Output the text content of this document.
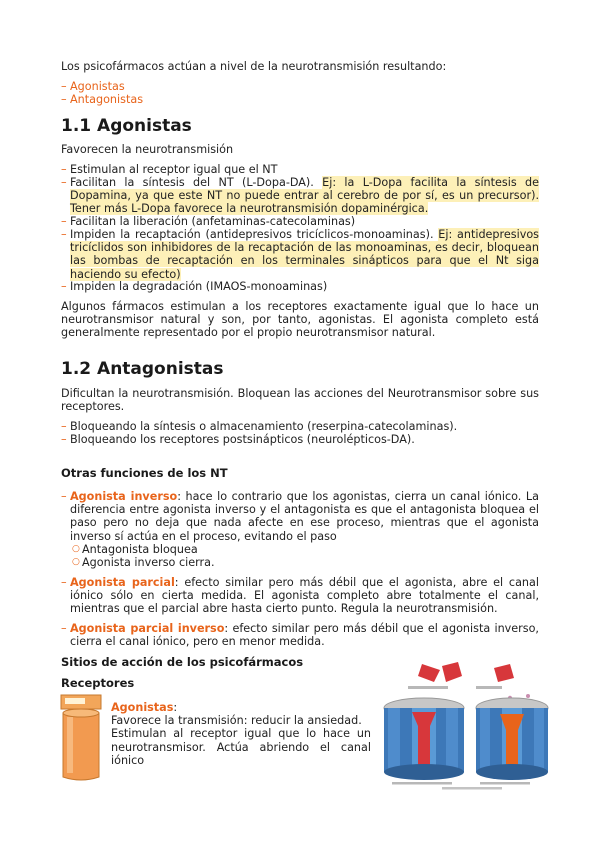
Los psicofármacos actúan a nivel de la neurotransmisión resultando:

– Agonistas
– Antagonistas
1.1 Agonistas

Favorecen la neurotransmisión

– Estimulan al receptor igual que el NT
– Facilitan la síntesis del NT (L-Dopa-DA). Ej: la L-Dopa facilita la síntesis de Dopamina, ya que este NT no puede entrar al cerebro de por sí, es un precursor). Tener más L-Dopa favorece la neurotransmisión dopaminérgica.
– Facilitan la liberación (anfetaminas-catecolaminas)
– Impiden la recaptación (antidepresivos tricíclicos-monoaminas). Ej: antidepresivos tricíclidos son inhibidores de la recaptación de las monoaminas, es decir, bloquean las bombas de recaptación en los terminales sinápticos para que el Nt siga haciendo su efecto)
– Impiden la degradación (IMAOS-monoaminas)

Algunos fármacos estimulan a los receptores exactamente igual que lo hace un neurotransmisor natural y son, por tanto, agonistas. El agonista completo está generalmente representado por el propio neurotransmisor natural.

1.2 Antagonistas

Dificultan la neurotransmisión. Bloquean las acciones del Neurotransmisor sobre sus receptores.

– Bloqueando la síntesis o almacenamiento (reserpina-catecolaminas).
– Bloqueando los receptores postsinápticos (neurolépticos-DA).
Otras funciones de los NT
– Agonista inverso: hace lo contrario que los agonistas, cierra un canal iónico. La diferencia entre agonista inverso y el antagonista es que el antagonista bloquea el paso pero no deja que nada afecte en ese proceso, mientras que el agonista inverso sí actúa en el proceso, evitando el paso
○ Antagonista bloquea
○ Agonista inverso cierra.
– Agonista parcial: efecto similar pero más débil que el agonista, abre el canal iónico sólo en cierta medida. El agonista completo abre totalmente el canal, mientras que el parcial abre hasta cierto punto. Regula la neurotransmisión.
– Agonista parcial inverso: efecto similar pero más débil que el agonista inverso, cierra el canal iónico, pero en menor medida.
Sitios de acción de los psicofármacos
Receptores
Agonistas:
Favorece la transmisión: reducir la ansiedad.
Estimulan al receptor igual que lo hace un neurotransmisor. Actúa abriendo el canal iónico
